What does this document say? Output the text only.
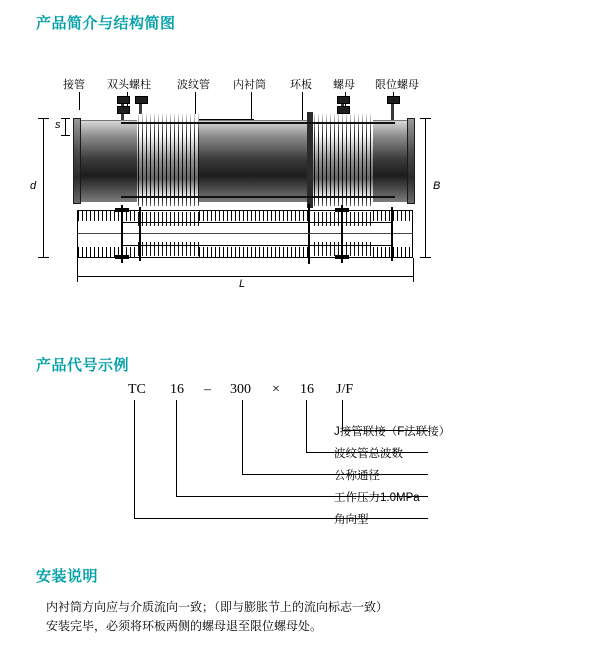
产品简介与结构简图
产品代号示例
安装说明
接管 双头螺柱 波纹管 内衬筒 环板 螺母 限位螺母
s
d	B
L
TC 16 – 300 × 16 J/F
J接管联接（F法联接）
波纹管总波数
公称通径
工作压力1.0MPa
角向型
内衬筒方向应与介质流向一致；（即与膨胀节上的流向标志一致）
安装完毕，必须将环板两侧的螺母退至限位螺母处。
